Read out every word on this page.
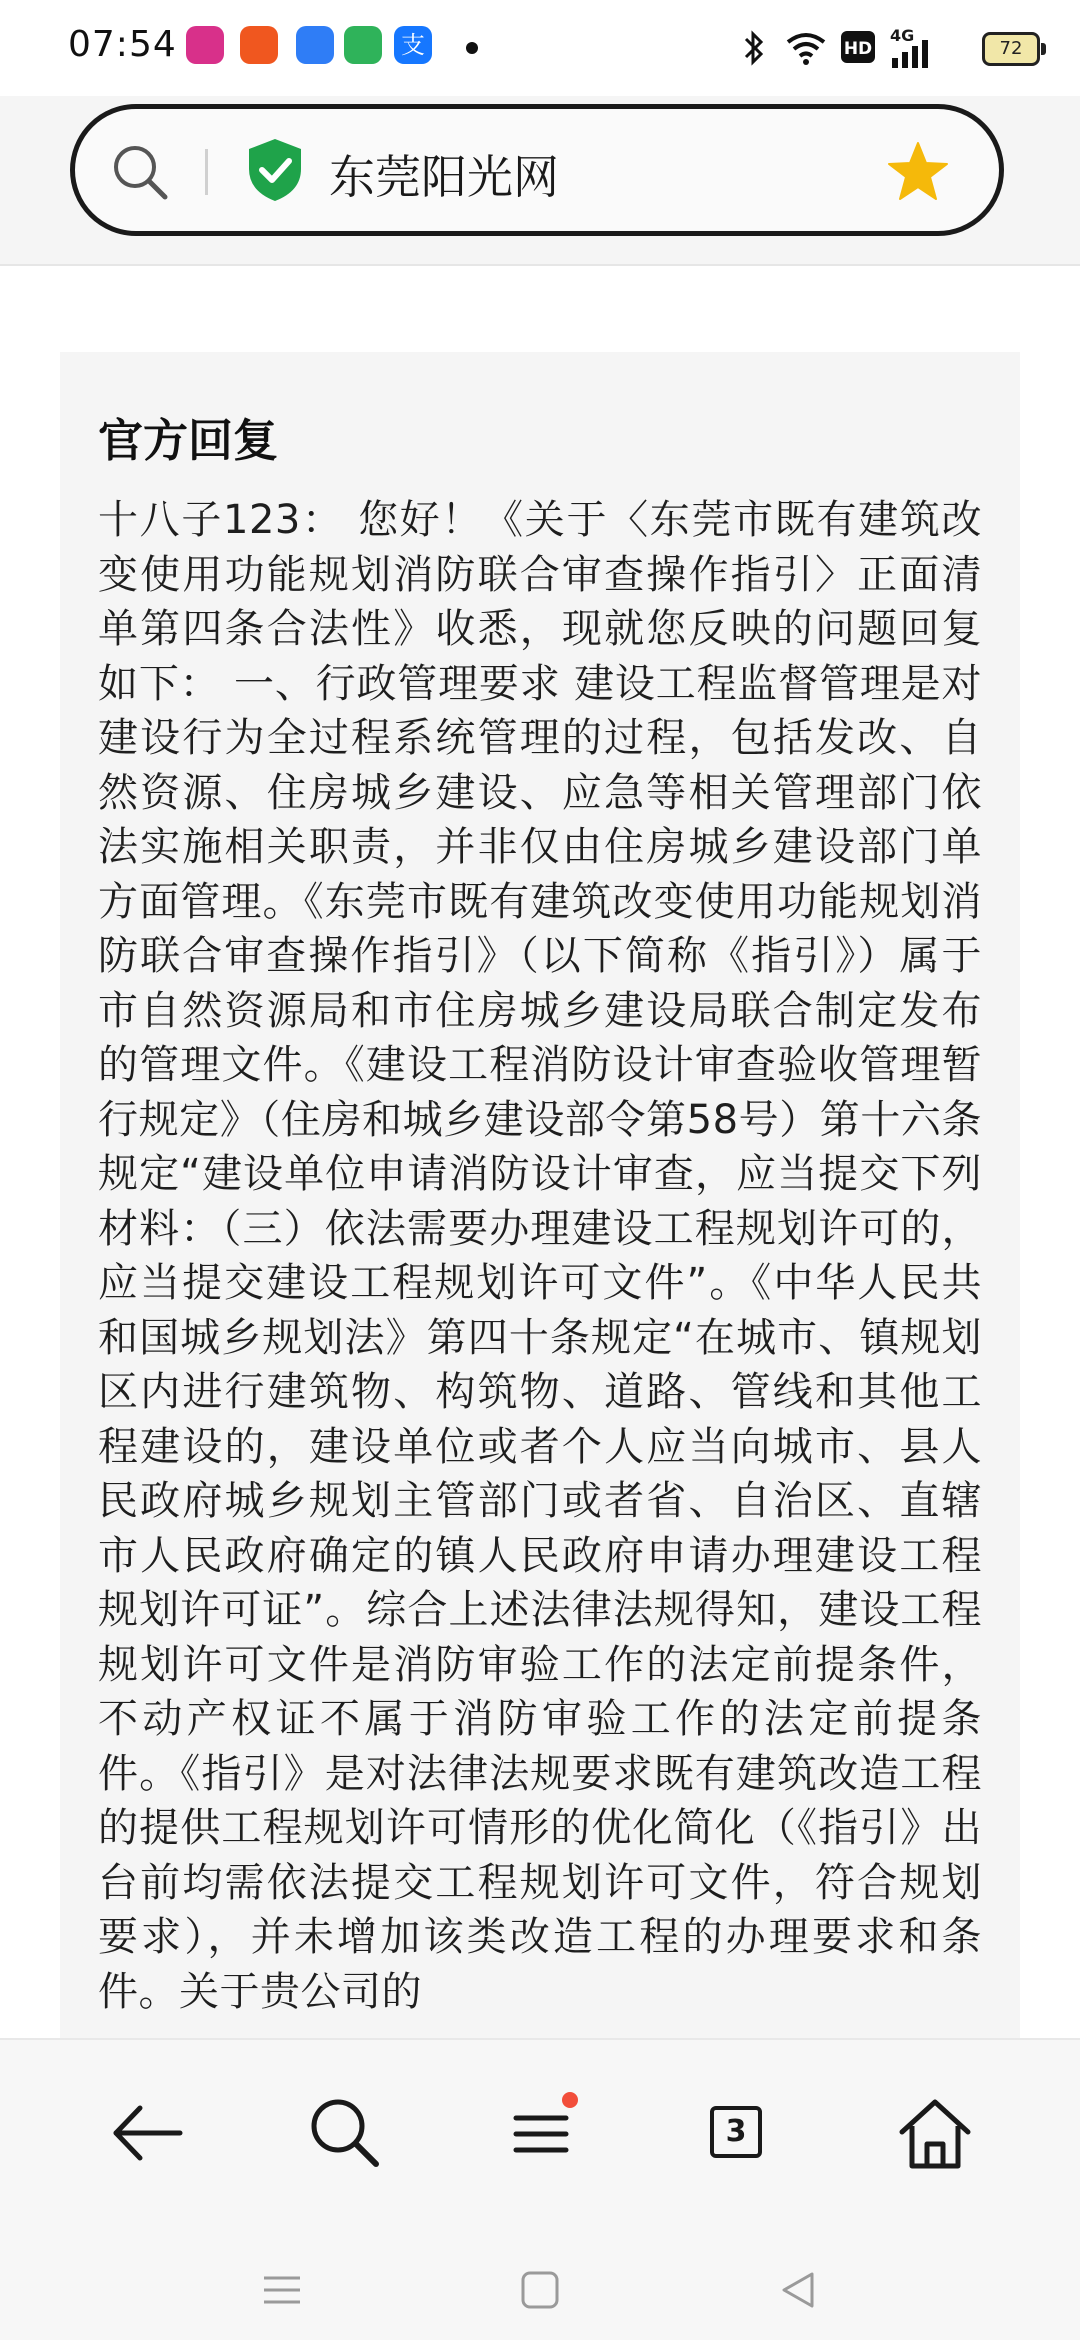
07:54	支	HD
4G
72
东莞阳光网
官方回复

十八子123： 您好！《关于〈东莞市既有建筑改变使用功能规划消防联合审查操作指引〉正面清单第四条合法性》收悉，现就您反映的问题回复如下： 一、行政管理要求 建设工程监督管理是对建设行为全过程系统管理的过程，包括发改、自然资源、住房城乡建设、应急等相关管理部门依法实施相关职责，并非仅由住房城乡建设部门单方面管理。《东莞市既有建筑改变使用功能规划消防联合审查操作指引》（以下简称《指引》）属于市自然资源局和市住房城乡建设局联合制定发布的管理文件。《建设工程消防设计审查验收管理暂行规定》（住房和城乡建设部令第58号）第十六条规定“建设单位申请消防设计审查，应当提交下列材料：（三）依法需要办理建设工程规划许可的，应当提交建设工程规划许可文件”。《中华人民共和国城乡规划法》第四十条规定“在城市、镇规划区内进行建筑物、构筑物、道路、管线和其他工程建设的，建设单位或者个人应当向城市、县人民政府城乡规划主管部门或者省、自治区、直辖市人民政府确定的镇人民政府申请办理建设工程规划许可证”。综合上述法律法规得知，建设工程规划许可文件是消防审验工作的法定前提条件，不动产权证不属于消防审验工作的法定前提条件。《指引》是对法律法规要求既有建筑改造工程的提供工程规划许可情形的优化简化（《指引》出台前均需依法提交工程规划许可文件，符合规划要求），并未增加该类改造工程的办理要求和条件。关于贵公司的

3
